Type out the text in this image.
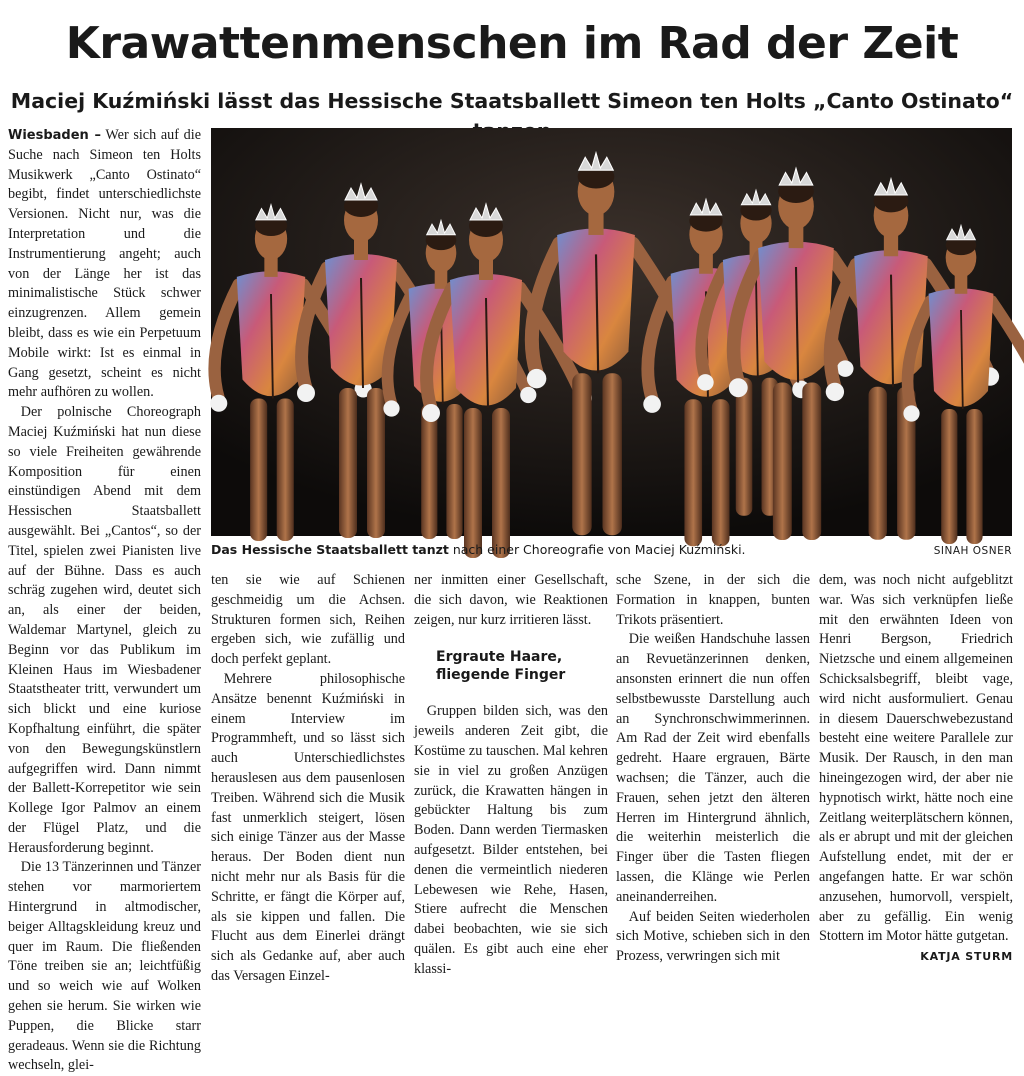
Krawattenmenschen im Rad der Zeit
Maciej Kuźmiński lässt das Hessische Staatsballett Simeon ten Holts „Canto Ostinato“

Wiesbaden – Wer sich auf die Suche nach Simeon ten Holts Musikwerk „Canto Ostinato“ begibt, findet unterschiedlichste Versionen. Nicht nur, was die Interpretation und die Instrumentierung angeht; auch von der Länge her ist das minimalistische Stück schwer einzugrenzen. Allem gemein bleibt, dass es wie ein Perpetuum Mobile wirkt: Ist es einmal in Gang gesetzt, scheint es nicht mehr aufhören zu wollen.

Der polnische Choreograph Maciej Kuźmiński hat nun diese so viele Freiheiten gewährende Komposition für einen einstündigen Abend mit dem Hessischen Staatsballett ausgewählt. Bei „Cantos“, so der Titel, spielen zwei Pianisten live auf der Bühne. Dass es auch schräg zugehen wird, deutet sich an, als einer der beiden, Waldemar Martynel, gleich zu Beginn vor das Publikum im Kleinen Haus im Wiesbadener Staatstheater tritt, verwundert um sich blickt und eine kuriose Kopfhaltung einführt, die später von den Bewegungskünstlern aufgegriffen wird. Dann nimmt der Ballett-Korrepetitor wie sein Kollege Igor Palmov an einem der Flügel Platz, und die Herausforderung beginnt.

Die 13 Tänzerinnen und Tänzer stehen vor marmoriertem Hintergrund in altmodischer, beiger Alltagskleidung kreuz und quer im Raum. Die fließenden Töne treiben sie an; leichtfüßig und so weich wie auf Wolken gehen sie herum. Sie wirken wie Puppen, die Blicke starr geradeaus. Wenn sie die Richtung wechseln, glei-

Das Hessische Staatsballett tanzt nach einer Choreografie von Maciej Kuźmiński.	SINAH OSNER

ten sie wie auf Schienen geschmeidig um die Achsen. Strukturen formen sich, Reihen ergeben sich, wie zufällig und doch perfekt geplant.

Mehrere philosophische Ansätze benennt Kuźmiński in einem Interview im Programmheft, und so lässt sich auch Unterschiedlichstes herauslesen aus dem pausenlosen Treiben. Während sich die Musik fast unmerklich steigert, lösen sich einige Tänzer aus der Masse heraus. Der Boden dient nun nicht mehr nur als Basis für die Schritte, er fängt die Körper auf, als sie kippen und fallen. Die Flucht aus dem Einerlei drängt sich als Gedanke auf, aber auch das Versagen Einzel-

ner inmitten einer Gesellschaft, die sich davon, wie Reaktionen zeigen, nur kurz irritieren lässt.

Ergraute Haare, fliegende Finger

Gruppen bilden sich, was den jeweils anderen Zeit gibt, die Kostüme zu tauschen. Mal kehren sie in viel zu großen Anzügen zurück, die Krawatten hängen in gebückter Haltung bis zum Boden. Dann werden Tiermasken aufgesetzt. Bilder entstehen, bei denen die vermeintlich niederen Lebewesen wie Rehe, Hasen, Stiere aufrecht die Menschen dabei beobachten, wie sie sich quälen. Es gibt auch eine eher klassi-

sche Szene, in der sich die Formation in knappen, bunten Trikots präsentiert.

Die weißen Handschuhe lassen an Revuetänzerinnen denken, ansonsten erinnert die nun offen selbstbewusste Darstellung auch an Synchronschwimmerinnen. Am Rad der Zeit wird ebenfalls gedreht. Haare ergrauen, Bärte wachsen; die Tänzer, auch die Frauen, sehen jetzt den älteren Herren im Hintergrund ähnlich, die weiterhin meisterlich die Finger über die Tasten fliegen lassen, die Klänge wie Perlen aneinanderreihen.

Auf beiden Seiten wiederholen sich Motive, schieben sich in den Prozess, verwringen sich mit

dem, was noch nicht aufgeblitzt war. Was sich verknüpfen ließe mit den erwähnten Ideen von Henri Bergson, Friedrich Nietzsche und einem allgemeinen Schicksalsbegriff, bleibt vage, wird nicht ausformuliert. Genau in diesem Dauerschwebezustand besteht eine weitere Parallele zur Musik. Der Rausch, in den man hineingezogen wird, der aber nie hypnotisch wirkt, hätte noch eine Zeitlang weiterplätschern können, als er abrupt und mit der gleichen Aufstellung endet, mit der er angefangen hatte. Er war schön anzusehen, humorvoll, verspielt, aber zu gefällig. Ein wenig Stottern im Motor hätte gutgetan.
KATJA STURM
